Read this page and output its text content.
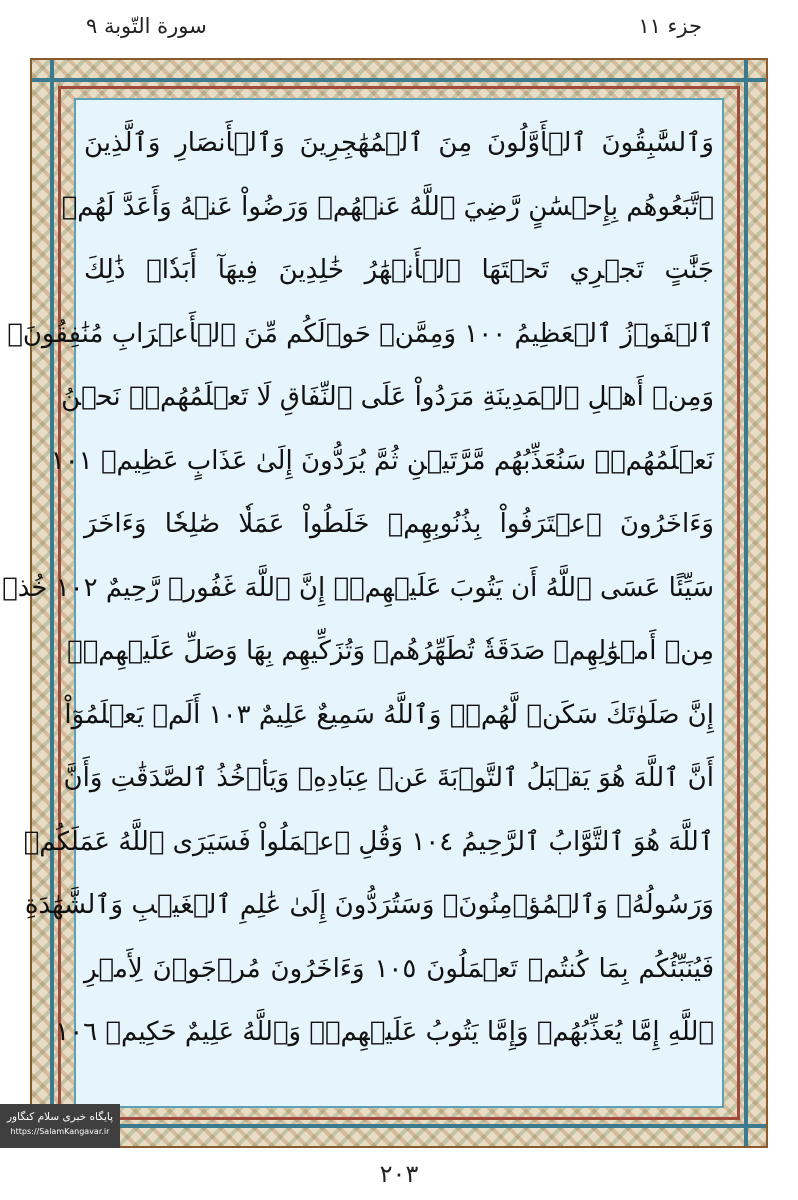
سورة التّوبة ٩	جزء ١١
وَٱلسَّٰبِقُونَ ٱلۡأَوَّلُونَ مِنَ ٱلۡمُهَٰجِرِينَ وَٱلۡأَنصَارِ وَٱلَّذِينَ
ٱتَّبَعُوهُم بِإِحۡسَٰنٍ رَّضِيَ ٱللَّهُ عَنۡهُمۡ وَرَضُواْ عَنۡهُ وَأَعَدَّ لَهُمۡ
جَنَّٰتٍ تَجۡرِي تَحۡتَهَا ٱلۡأَنۡهَٰرُ خَٰلِدِينَ فِيهَآ أَبَدٗاۚ ذَٰلِكَ
ٱلۡفَوۡزُ ٱلۡعَظِيمُ ١٠٠ وَمِمَّنۡ حَوۡلَكُم مِّنَ ٱلۡأَعۡرَابِ مُنَٰفِقُونَۖ
وَمِنۡ أَهۡلِ ٱلۡمَدِينَةِ مَرَدُواْ عَلَى ٱلنِّفَاقِ لَا تَعۡلَمُهُمۡۖ نَحۡنُ
نَعۡلَمُهُمۡۚ سَنُعَذِّبُهُم مَّرَّتَيۡنِ ثُمَّ يُرَدُّونَ إِلَىٰ عَذَابٍ عَظِيمٖ ١٠١
وَءَاخَرُونَ ٱعۡتَرَفُواْ بِذُنُوبِهِمۡ خَلَطُواْ عَمَلٗا صَٰلِحٗا وَءَاخَرَ
سَيِّئًا عَسَى ٱللَّهُ أَن يَتُوبَ عَلَيۡهِمۡۚ إِنَّ ٱللَّهَ غَفُورٞ رَّحِيمٌ ١٠٢ خُذۡ
مِنۡ أَمۡوَٰلِهِمۡ صَدَقَةٗ تُطَهِّرُهُمۡ وَتُزَكِّيهِم بِهَا وَصَلِّ عَلَيۡهِمۡۖ
إِنَّ صَلَوٰتَكَ سَكَنٞ لَّهُمۡۗ وَٱللَّهُ سَمِيعٌ عَلِيمٌ ١٠٣ أَلَمۡ يَعۡلَمُوٓاْ
أَنَّ ٱللَّهَ هُوَ يَقۡبَلُ ٱلتَّوۡبَةَ عَنۡ عِبَادِهِۦ وَيَأۡخُذُ ٱلصَّدَقَٰتِ وَأَنَّ
ٱللَّهَ هُوَ ٱلتَّوَّابُ ٱلرَّحِيمُ ١٠٤ وَقُلِ ٱعۡمَلُواْ فَسَيَرَى ٱللَّهُ عَمَلَكُمۡ
وَرَسُولُهُۥ وَٱلۡمُؤۡمِنُونَۖ وَسَتُرَدُّونَ إِلَىٰ عَٰلِمِ ٱلۡغَيۡبِ وَٱلشَّهَٰدَةِ
فَيُنَبِّئُكُم بِمَا كُنتُمۡ تَعۡمَلُونَ ١٠٥ وَءَاخَرُونَ مُرۡجَوۡنَ لِأَمۡرِ
ٱللَّهِ إِمَّا يُعَذِّبُهُمۡ وَإِمَّا يَتُوبُ عَلَيۡهِمۡۗ وَٱللَّهُ عَلِيمٌ حَكِيمٞ ١٠٦
پایگاه خبری سلام کنگاور
https://SalamKangavar.ir
٢٠٣
